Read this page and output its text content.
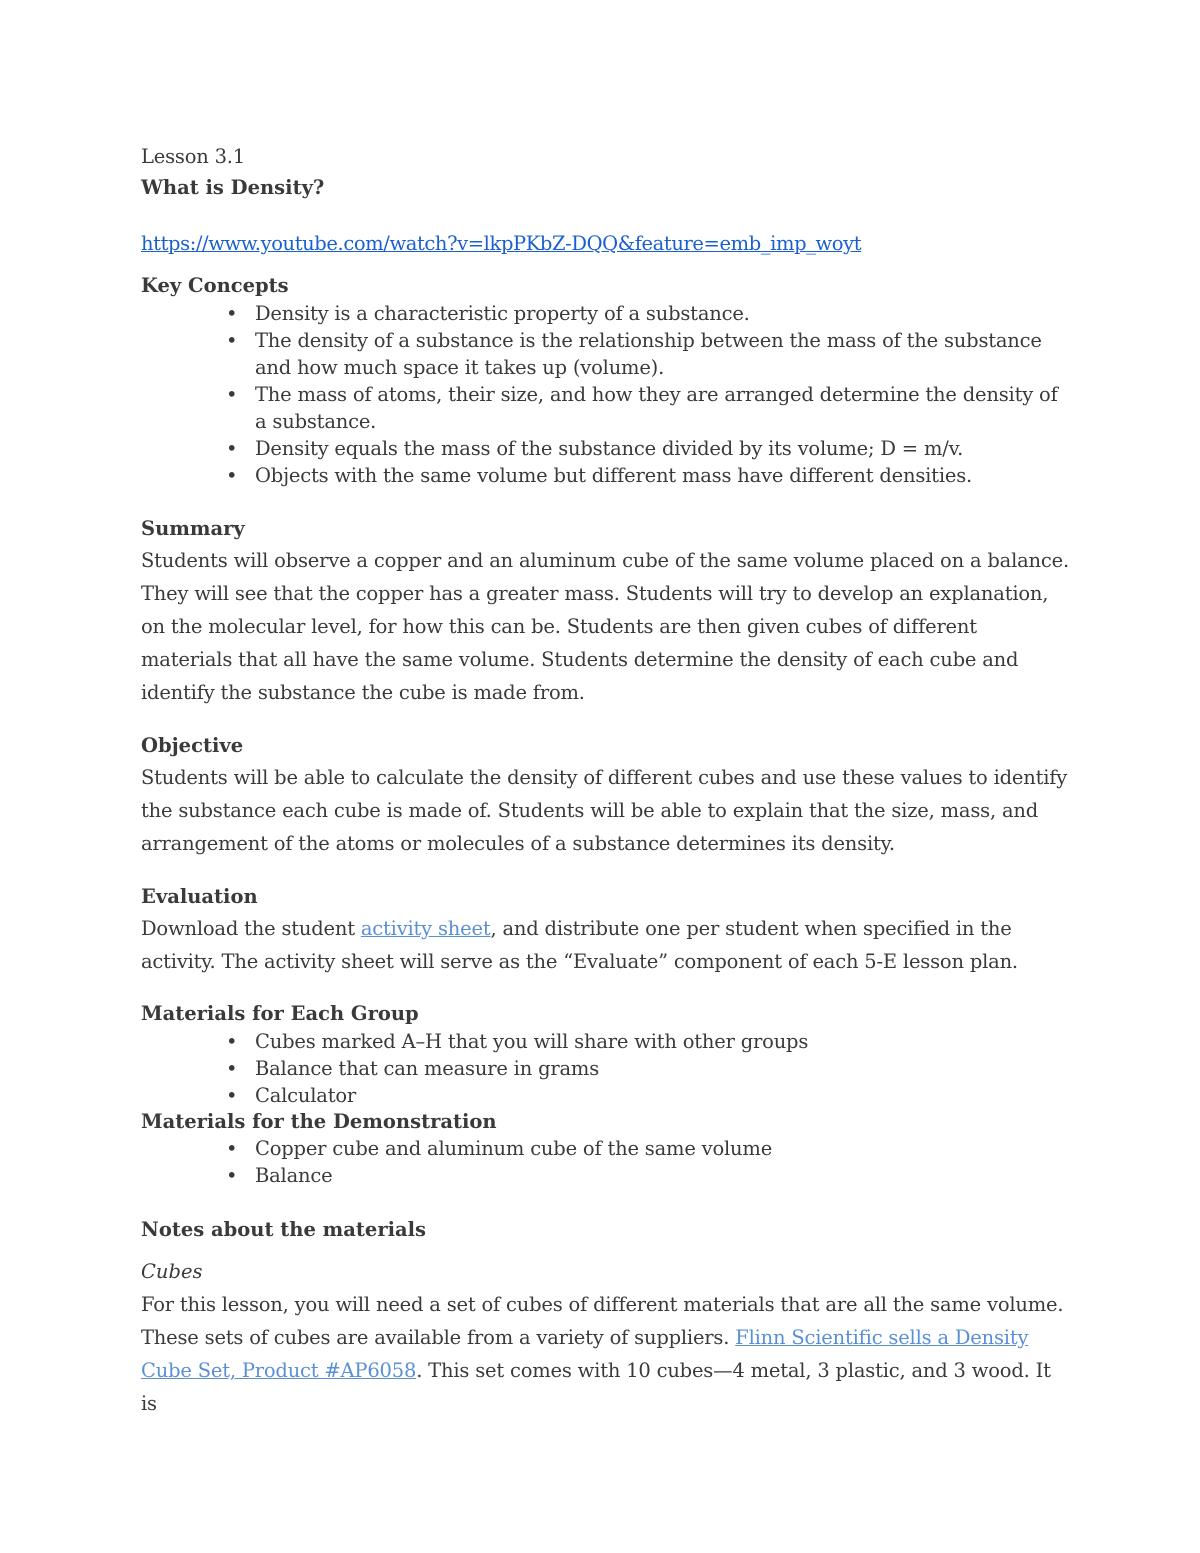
Lesson 3.1
What is Density?
https://www.youtube.com/watch?v=lkpPKbZ-DQQ&feature=emb_imp_woyt
Key Concepts
• Density is a characteristic property of a substance.
• The density of a substance is the relationship between the mass of the substance and how much space it takes up (volume).
• The mass of atoms, their size, and how they are arranged determine the density of a substance.
• Density equals the mass of the substance divided by its volume; D = m/v.
• Objects with the same volume but different mass have different densities.
Summary
Students will observe a copper and an aluminum cube of the same volume placed on a balance. They will see that the copper has a greater mass. Students will try to develop an explanation, on the molecular level, for how this can be. Students are then given cubes of different materials that all have the same volume. Students determine the density of each cube and identify the substance the cube is made from.
Objective
Students will be able to calculate the density of different cubes and use these values to identify the substance each cube is made of. Students will be able to explain that the size, mass, and arrangement of the atoms or molecules of a substance determines its density.
Evaluation
Download the student activity sheet, and distribute one per student when specified in the activity. The activity sheet will serve as the “Evaluate” component of each 5-E lesson plan.
Materials for Each Group
• Cubes marked A–H that you will share with other groups
• Balance that can measure in grams
• Calculator
Materials for the Demonstration
• Copper cube and aluminum cube of the same volume
• Balance
Notes about the materials
Cubes
For this lesson, you will need a set of cubes of different materials that are all the same volume. These sets of cubes are available from a variety of suppliers. Flinn Scientific sells a Density Cube Set, Product #AP6058. This set comes with 10 cubes—4 metal, 3 plastic, and 3 wood. It is
